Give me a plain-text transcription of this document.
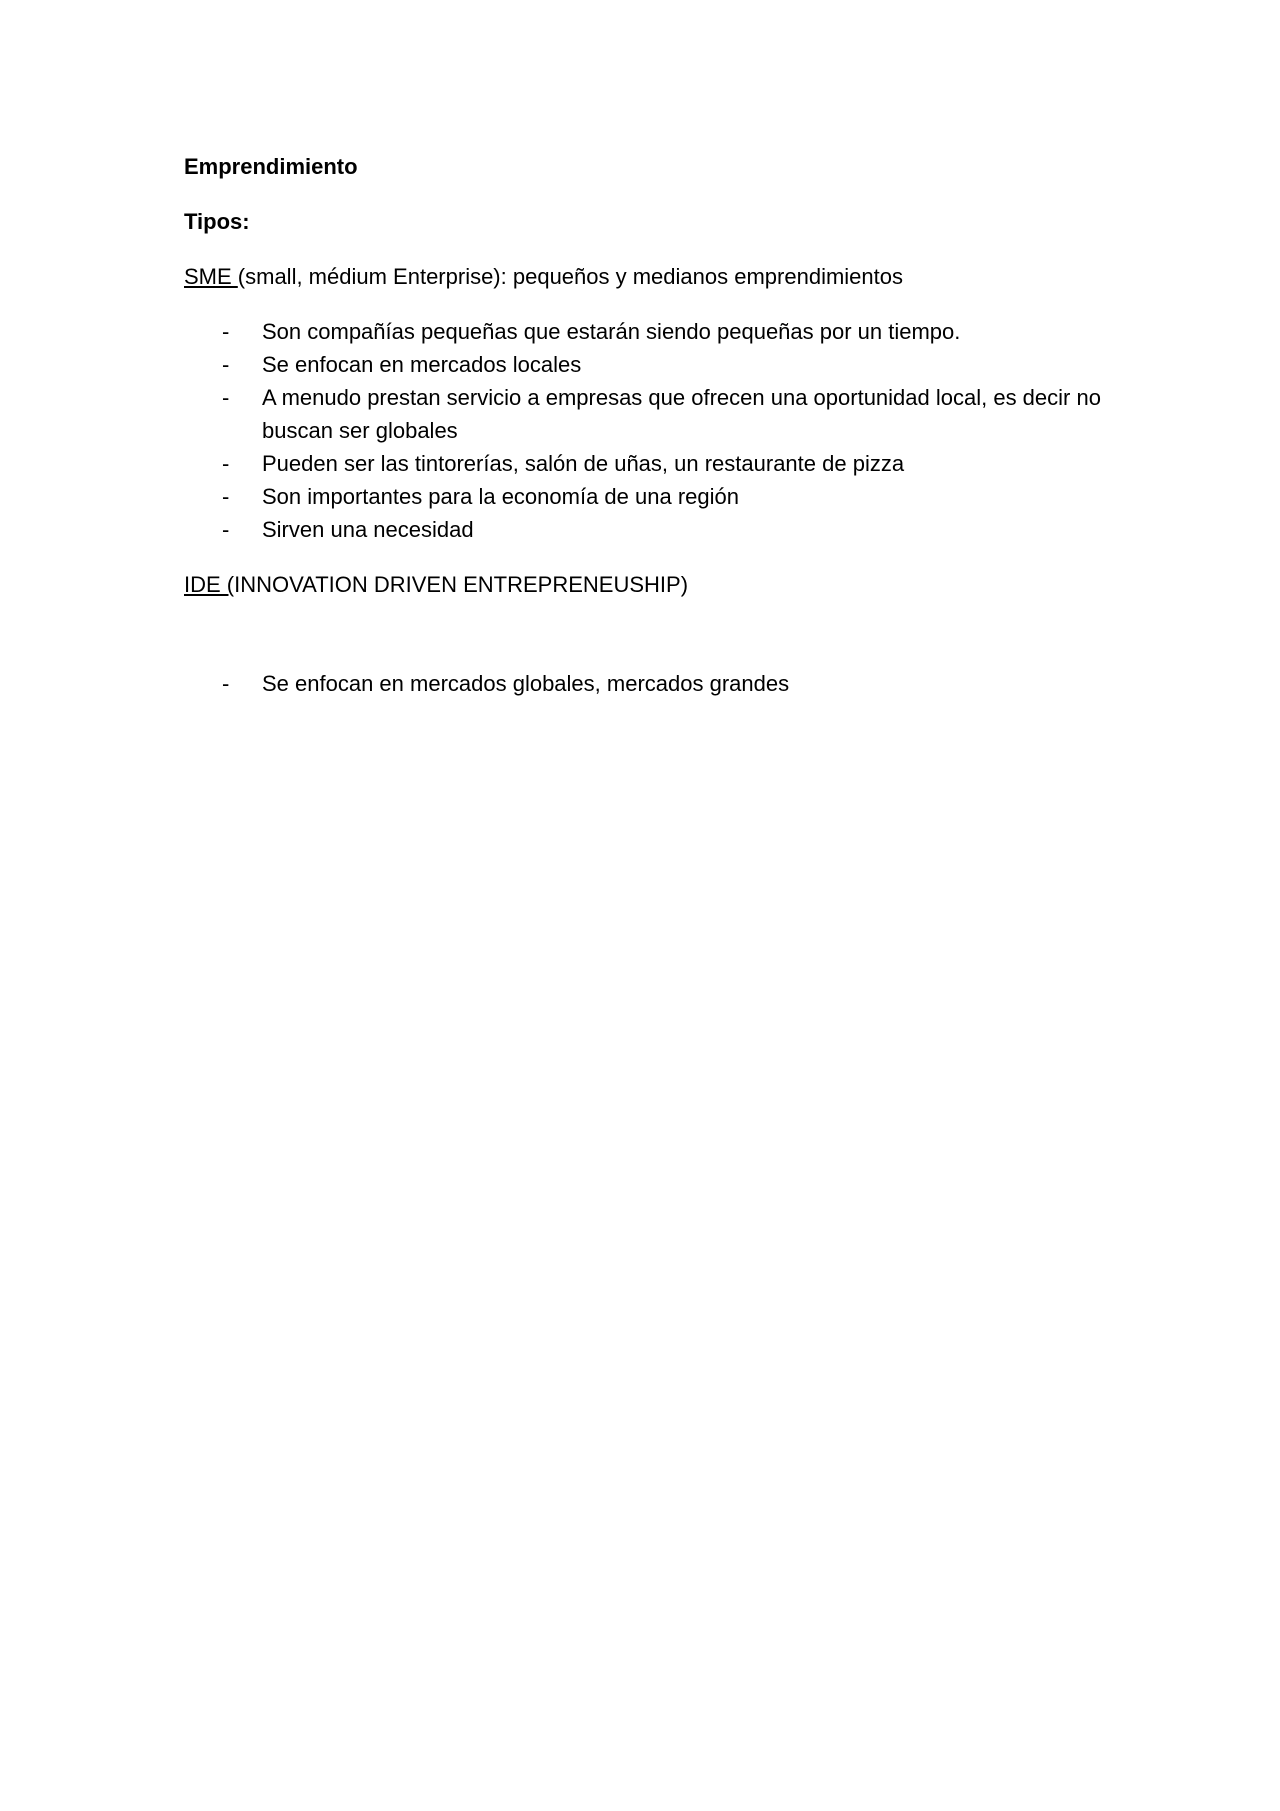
Emprendimiento

Tipos:

SME (small, médium Enterprise): pequeños y medianos emprendimientos

- Son compañías pequeñas que estarán siendo pequeñas por un tiempo.
- Se enfocan en mercados locales
- A menudo prestan servicio a empresas que ofrecen una oportunidad local, es decir no buscan ser globales
- Pueden ser las tintorerías, salón de uñas, un restaurante de pizza
- Son importantes para la economía de una región
- Sirven una necesidad

IDE (INNOVATION DRIVEN ENTREPRENEUSHIP)

- Se enfocan en mercados globales, mercados grandes
